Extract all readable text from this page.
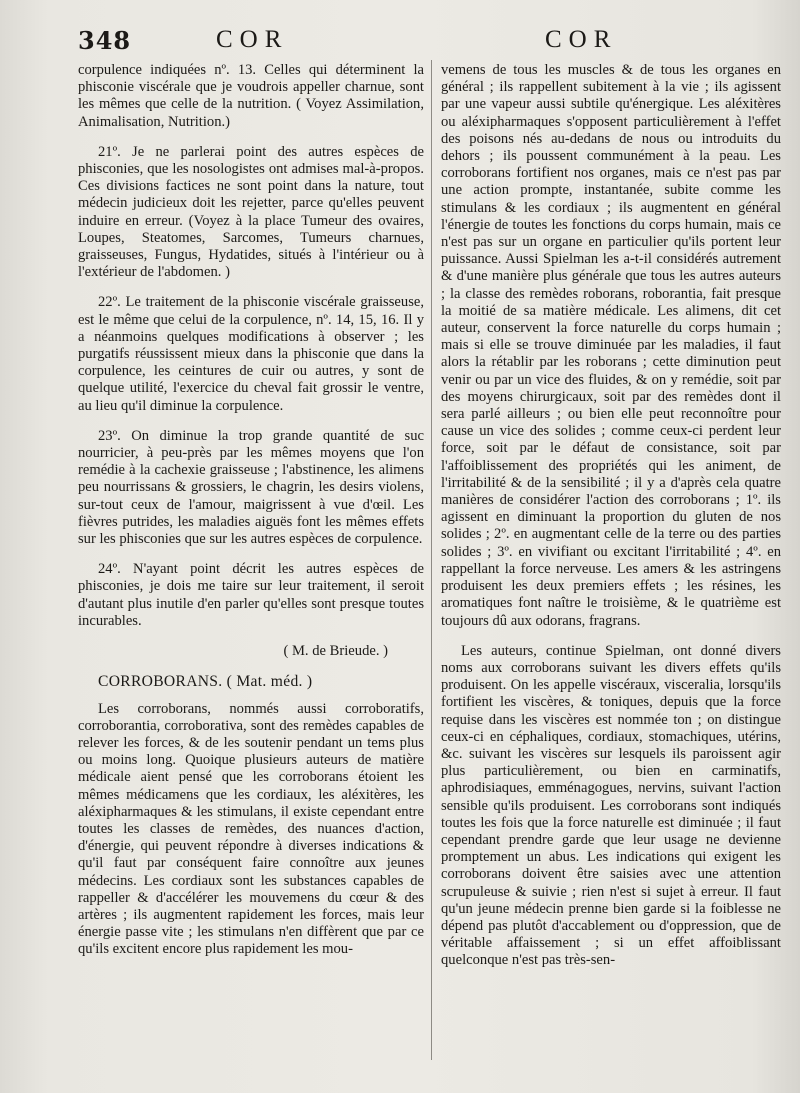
348	COR	COR

corpulence indiquées nº. 13. Celles qui déterminent la phisconie viscérale que je voudrois appeller charnue, sont les mêmes que celle de la nutrition. ( Voyez Assimilation, Animalisation, Nutrition.)

21º. Je ne parlerai point des autres espèces de phisconies, que les nosologistes ont admises mal-à-propos. Ces divisions factices ne sont point dans la nature, tout médecin judicieux doit les rejetter, parce qu'elles peuvent induire en erreur. (Voyez à la place Tumeur des ovaires, Loupes, Steatomes, Sarcomes, Tumeurs charnues, graisseuses, Fungus, Hydatides, situés à l'intérieur ou à l'extérieur de l'abdomen. )

22º. Le traitement de la phisconie viscérale graisseuse, est le même que celui de la corpulence, nº. 14, 15, 16. Il y a néanmoins quelques modifications à observer ; les purgatifs réussissent mieux dans la phisconie que dans la corpulence, les ceintures de cuir ou autres, y sont de quelque utilité, l'exercice du cheval fait grossir le ventre, au lieu qu'il diminue la corpulence.

23º. On diminue la trop grande quantité de suc nourricier, à peu-près par les mêmes moyens que l'on remédie à la cachexie graisseuse ; l'abstinence, les alimens peu nourrissans & grossiers, le chagrin, les desirs violens, sur-tout ceux de l'amour, maigrissent à vue d'œil. Les fièvres putrides, les maladies aiguës font les mêmes effets sur les phisconies que sur les autres espèces de corpulence.

24º. N'ayant point décrit les autres espèces de phisconies, je dois me taire sur leur traitement, il seroit d'autant plus inutile d'en parler qu'elles sont presque toutes incurables.

( M. de Brieude. )

CORROBORANS. ( Mat. méd. )

Les corroborans, nommés aussi corroboratifs, corroborantia, corroborativa, sont des remèdes capables de relever les forces, & de les soutenir pendant un tems plus ou moins long. Quoique plusieurs auteurs de matière médicale aient pensé que les corroborans étoient les mêmes médicamens que les cordiaux, les aléxitères, les aléxipharmaques & les stimulans, il existe cependant entre toutes les classes de remèdes, des nuances d'action, d'énergie, qui peuvent répondre à diverses indications & qu'il faut par conséquent faire connoître aux jeunes médecins. Les cordiaux sont les substances capables de rappeller & d'accélérer les mouvemens du cœur & des artères ; ils augmentent rapidement les forces, mais leur énergie passe vite ; les stimulans n'en diffèrent que par ce qu'ils excitent encore plus rapidement les mou-

vemens de tous les muscles & de tous les organes en général ; ils rappellent subitement à la vie ; ils agissent par une vapeur aussi subtile qu'énergique. Les aléxitères ou aléxipharmaques s'opposent particulièrement à l'effet des poisons nés au-dedans de nous ou introduits du dehors ; ils poussent communément à la peau. Les corroborans fortifient nos organes, mais ce n'est pas par une action prompte, instantanée, subite comme les stimulans & les cordiaux ; ils augmentent en général l'énergie de toutes les fonctions du corps humain, mais ce n'est pas sur un organe en particulier qu'ils portent leur puissance. Aussi Spielman les a-t-il considérés autrement & d'une manière plus générale que tous les autres auteurs ; la classe des remèdes roborans, roborantia, fait presque la moitié de sa matière médicale. Les alimens, dit cet auteur, conservent la force naturelle du corps humain ; mais si elle se trouve diminuée par les maladies, il faut alors la rétablir par les roborans ; cette diminution peut venir ou par un vice des fluides, & on y remédie, soit par des moyens chirurgicaux, soit par des remèdes dont il sera parlé ailleurs ; ou bien elle peut reconnoître pour cause un vice des solides ; comme ceux-ci perdent leur force, soit par le défaut de consistance, soit par l'affoiblissement des propriétés qui les animent, de l'irritabilité & de la sensibilité ; il y a d'après cela quatre manières de considérer l'action des corroborans ; 1º. ils agissent en diminuant la proportion du gluten de nos solides ; 2º. en augmentant celle de la terre ou des parties solides ; 3º. en vivifiant ou excitant l'irritabilité ; 4º. en rappellant la force nerveuse. Les amers & les astringens produisent les deux premiers effets ; les résines, les aromatiques font naître le troisième, & le quatrième est toujours dû aux odorans, fragrans.

Les auteurs, continue Spielman, ont donné divers noms aux corroborans suivant les divers effets qu'ils produisent. On les appelle viscéraux, visceralia, lorsqu'ils fortifient les viscères, & toniques, depuis que la force requise dans les viscères est nommée ton ; on distingue ceux-ci en céphaliques, cordiaux, stomachiques, utérins, &c. suivant les viscères sur lesquels ils paroissent agir plus particulièrement, ou bien en carminatifs, aphrodisiaques, emménagogues, nervins, suivant l'action sensible qu'ils produisent. Les corroborans sont indiqués toutes les fois que la force naturelle est diminuée ; il faut cependant prendre garde que leur usage ne devienne promptement un abus. Les indications qui exigent les corroborans doivent être saisies avec une attention scrupuleuse & suivie ; rien n'est si sujet à erreur. Il faut qu'un jeune médecin prenne bien garde si la foiblesse ne dépend pas plutôt d'accablement ou d'oppression, que de véritable affaissement ; si un effet affoiblissant quelconque n'est pas très-sen-
